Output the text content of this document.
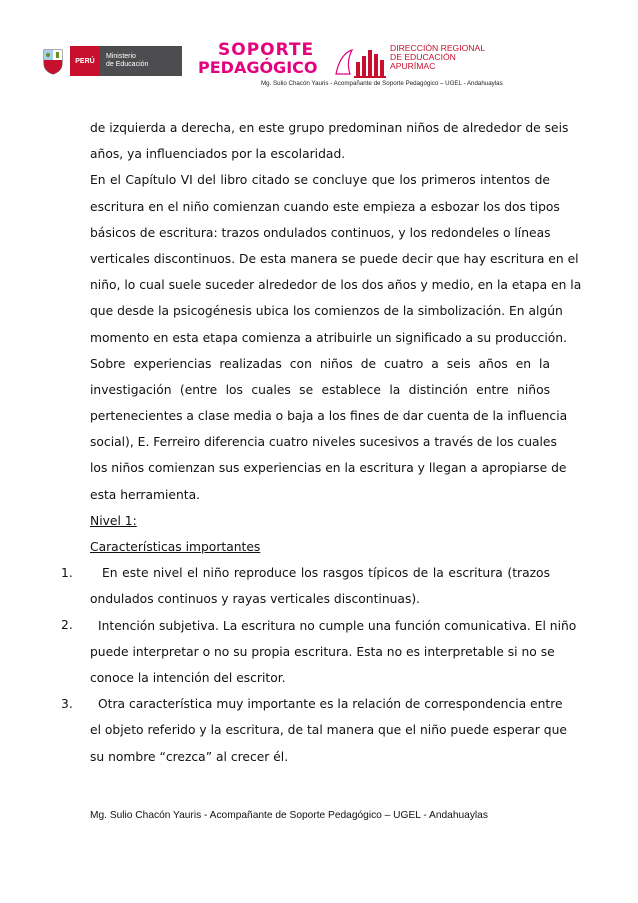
PERÚ
Ministerio
de Educación
SOPORTE
PEDAGÓGICO
DIRECCIÓN REGIONAL
DE EDUCACIÓN
APURÍMAC
Mg. Sulio Chacón Yauris - Acompañante de Soporte Pedagógico – UGEL - Andahuaylas
de izquierda a derecha, en este grupo predominan niños de alrededor de seis
años, ya influenciados por la escolaridad.
En el Capítulo VI del libro citado se concluye que los primeros intentos de
escritura en el niño comienzan cuando este empieza a esbozar los dos tipos
básicos de escritura: trazos ondulados continuos, y los redondeles o líneas
verticales discontinuos. De esta manera se puede decir que hay escritura en el
niño, lo cual suele suceder alrededor de los dos años y medio, en la etapa en la
que desde la psicogénesis ubica los comienzos de la simbolización. En algún
momento en esta etapa comienza a atribuirle un significado a su producción.
Sobre experiencias realizadas con niños de cuatro a seis años en la
investigación (entre los cuales se establece la distinción entre niños
pertenecientes a clase media o baja a los fines de dar cuenta de la influencia
social), E. Ferreiro diferencia cuatro niveles sucesivos a través de los cuales
los niños comienzan sus experiencias en la escritura y llegan a apropiarse de
esta herramienta.
Nivel 1:
Características importantes
En este nivel el niño reproduce los rasgos típicos de la escritura (trazos
ondulados continuos y rayas verticales discontinuas).
Intención subjetiva. La escritura no cumple una función comunicativa. El niño
puede interpretar o no su propia escritura. Esta no es interpretable si no se
conoce la intención del escritor.
Otra característica muy importante es la relación de correspondencia entre
el objeto referido y la escritura, de tal manera que el niño puede esperar que
su nombre “crezca” al crecer él.
1.
2.
3.
Mg. Sulio Chacón Yauris - Acompañante de Soporte Pedagógico – UGEL - Andahuaylas
